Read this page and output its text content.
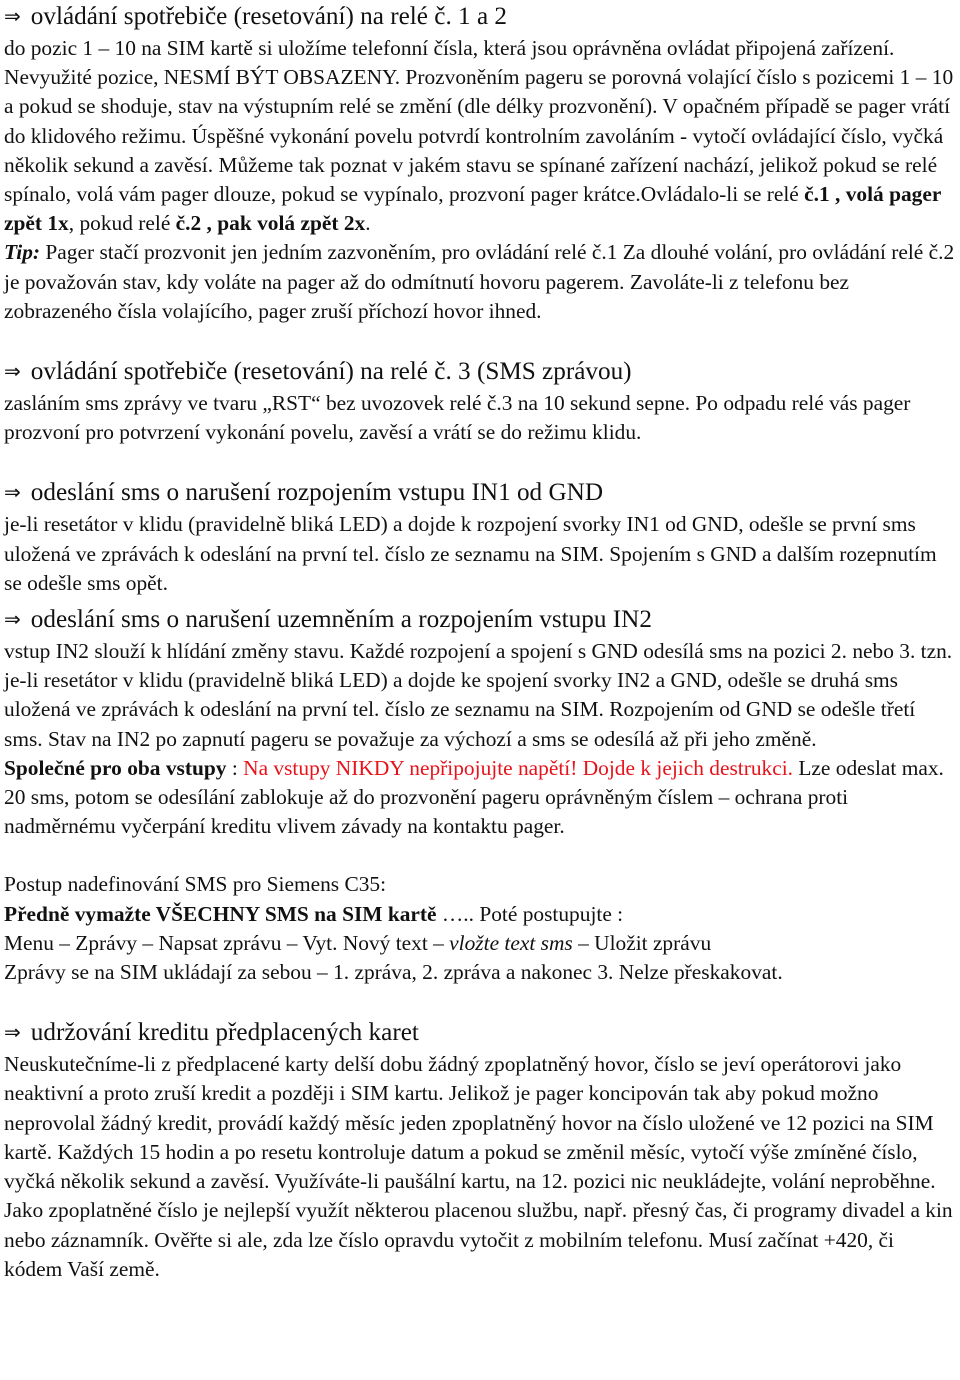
⇒ ovládání spotřebiče (resetování) na relé č. 1 a 2

do pozic 1 – 10 na SIM kartě si uložíme telefonní čísla, která jsou oprávněna ovládat připojená zařízení. Nevyužité pozice, NESMÍ BÝT OBSAZENY. Prozvoněním pageru se porovná volající číslo s pozicemi 1 – 10 a pokud se shoduje, stav na výstupním relé se změní (dle délky prozvonění). V opačném případě se pager vrátí do klidového režimu. Úspěšné vykonání povelu potvrdí kontrolním zavoláním - vytočí ovládající číslo, vyčká několik sekund a zavěsí. Můžeme tak poznat v jakém stavu se spínané zařízení nachází, jelikož pokud se relé spínalo, volá vám pager dlouze, pokud se vypínalo, prozvoní pager krátce.Ovládalo-li se relé č.1 , volá pager zpět 1x, pokud relé č.2 , pak volá zpět 2x.

Tip: Pager stačí prozvonit jen jedním zazvoněním, pro ovládání relé č.1 Za dlouhé volání, pro ovládání relé č.2 je považován stav, kdy voláte na pager až do odmítnutí hovoru pagerem. Zavoláte-li z telefonu bez zobrazeného čísla volajícího, pager zruší příchozí hovor ihned.

⇒ ovládání spotřebiče (resetování) na relé č. 3 (SMS zprávou)

zasláním sms zprávy ve tvaru „RST“ bez uvozovek relé č.3 na 10 sekund sepne. Po odpadu relé vás pager prozvoní pro potvrzení vykonání povelu, zavěsí a vrátí se do režimu klidu.

⇒ odeslání sms o narušení rozpojením vstupu IN1 od GND

je-li resetátor v klidu (pravidelně bliká LED) a dojde k rozpojení svorky IN1 od GND, odešle se první sms uložená ve zprávách k odeslání na první tel. číslo ze seznamu na SIM. Spojením s GND a dalším rozepnutím se odešle sms opět.

⇒ odeslání sms o narušení uzemněním a rozpojením vstupu IN2

vstup IN2 slouží k hlídání změny stavu. Každé rozpojení a spojení s GND odesílá sms na pozici 2. nebo 3. tzn. je-li resetátor v klidu (pravidelně bliká LED) a dojde ke spojení svorky IN2 a GND, odešle se druhá sms uložená ve zprávách k odeslání na první tel. číslo ze seznamu na SIM. Rozpojením od GND se odešle třetí sms. Stav na IN2 po zapnutí pageru se považuje za výchozí a sms se odesílá až při jeho změně.

Společné pro oba vstupy : Na vstupy NIKDY nepřipojujte napětí! Dojde k jejich destrukci. Lze odeslat max. 20 sms, potom se odesílání zablokuje až do prozvonění pageru oprávněným číslem – ochrana proti nadměrnému vyčerpání kreditu vlivem závady na kontaktu pager.

Postup nadefinování SMS pro Siemens C35:

Předně vymažte VŠECHNY SMS na SIM kartě ….. Poté postupujte :

Menu – Zprávy – Napsat zprávu – Vyt. Nový text – vložte text sms – Uložit zprávu

Zprávy se na SIM ukládají za sebou – 1. zpráva, 2. zpráva a nakonec 3. Nelze přeskakovat.

⇒ udržování kreditu předplacených karet

Neuskutečníme-li z předplacené karty delší dobu žádný zpoplatněný hovor, číslo se jeví operátorovi jako neaktivní a proto zruší kredit a později i SIM kartu. Jelikož je pager koncipován tak aby pokud možno neprovolal žádný kredit, provádí každý měsíc jeden zpoplatněný hovor na číslo uložené ve 12 pozici na SIM kartě. Každých 15 hodin a po resetu kontroluje datum a pokud se změnil měsíc, vytočí výše zmíněné číslo, vyčká několik sekund a zavěsí. Využíváte-li paušální kartu, na 12. pozici nic neukládejte, volání neproběhne. Jako zpoplatněné číslo je nejlepší využít některou placenou službu, např. přesný čas, či programy divadel a kin nebo záznamník. Ověřte si ale, zda lze číslo opravdu vytočit z mobilním telefonu. Musí začínat +420, či kódem Vaší země.
